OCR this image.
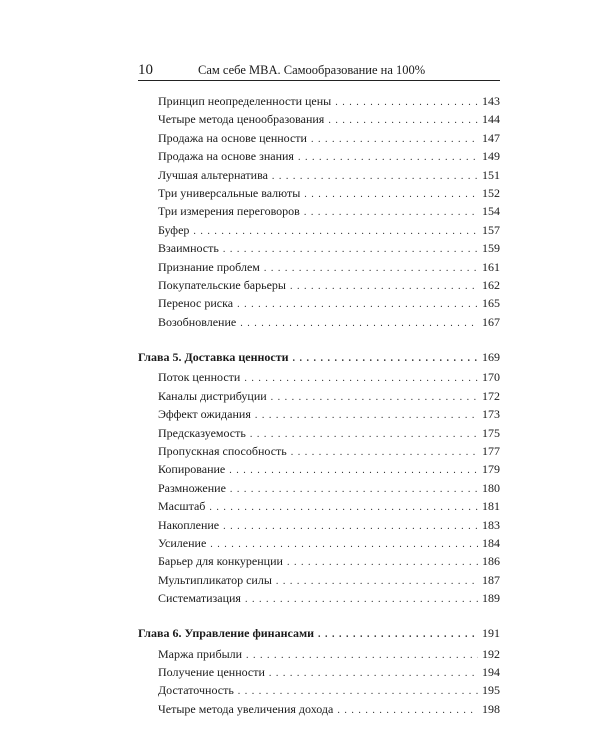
10	Сам себе MBA. Самообразование на 100%
Принцип неопределенности цены . . .	143
Четыре метода ценообразования . . .	144
Продажа на основе ценности . . .	147
Продажа на основе знания . . .	149
Лучшая альтернатива . . .	151
Три универсальные валюты . . .	152
Три измерения переговоров . . .	154
Буфер . . .	157
Взаимность . . .	159
Признание проблем . . .	161
Покупательские барьеры . . .	162
Перенос риска . . .	165
Возобновление . . .	167
Глава 5. Доставка ценности . . .	169
Поток ценности . . .	170
Каналы дистрибуции . . .	172
Эффект ожидания . . .	173
Предсказуемость . . .	175
Пропускная способность . . .	177
Копирование . . .	179
Размножение . . .	180
Масштаб . . .	181
Накопление . . .	183
Усиление . . .	184
Барьер для конкуренции . . .	186
Мультипликатор силы . . .	187
Систематизация . . .	189
Глава 6. Управление финансами . . .	191
Маржа прибыли . . .	192
Получение ценности . . .	194
Достаточность . . .	195
Четыре метода увеличения дохода . . .	198
